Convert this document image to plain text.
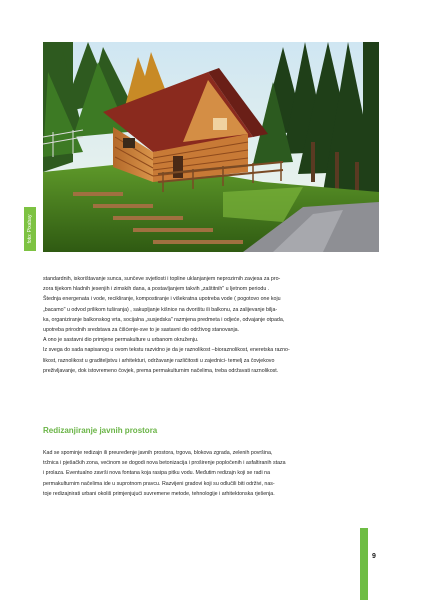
foto: Pixabay

standardnih, iskorištavanje sunca, sunčeve svjetlosti i topline uklanjanjem neprozirnih zavjesa za pro-

zora tijekom hladnih jesenjih i zimskih dana, a postavljanjem takvih „zaštitnih" u ljetnom periodu .

Štednja energenata i vode, recikliranje, kompostiranje i višekratna upotreba vode ( pogotovo one koju

„bacamo" u odvod prilikom tuširanja) , sakupljanje kišnice na dvorištu ili balkonu, za zalijevanje biljа-

ka, organiziranje balkonskog vrta, socijalna „susjedska" razmjena predmeta i odjeće, odvajanje otpada,

upotreba prirodnih sredstava za čišćenje-sve to je sastavni dio održivog stanovanja.

A ono je sastavni dio primjene permakulture u urbanom okruženju.

Iz svega do sada napisanog u ovom tekstu razvidno je da je raznolikost –bioraznolikost, enerеtska razno-

likost, raznolikost u graditeljstvu i arhitekturi, održavanje različitosti u zajednici- temelj za čovjekovo

preživljavanje, dok istovremeno čovjek, prema permakulturnim načelima, treba održavati raznolikost.

Redizanjiranje javnih prostora

Kad se spominje redizajn ili preuređenje javnih prostora, trgova, blokova zgrada, zelenih površina,

tržnica i pješačkih zona, većinom se dogodi nova betonizacija i proširenje popločenih i asfaltiranih staza

i prolaza. Eventualno završi nova fontana koja rasipa pitku vodu. Međutim redizajn koji se radi na

permakulturnim načelima ide u suprotnom pravcu. Razvijeni gradovi koji su odlučili biti održivi, nas-

toje redizajnirati urbani okoliš primjenjujući suvremene metode, tehnologije i arhitektonska rješenja.

9
